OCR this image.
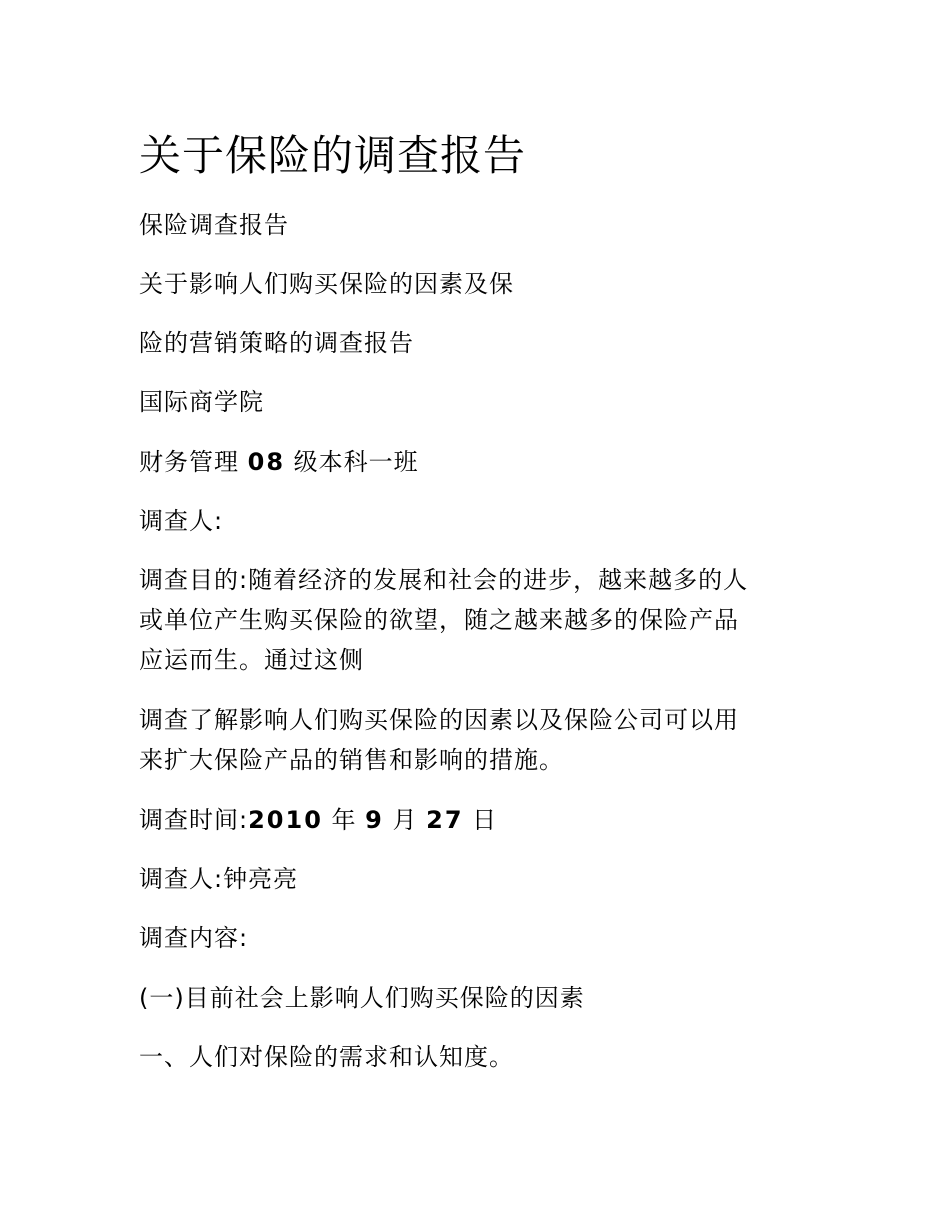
关于保险的调查报告

保险调查报告

关于影响人们购买保险的因素及保

险的营销策略的调查报告

国际商学院

财务管理 08 级本科一班

调查人:

调查目的:随着经济的发展和社会的进步，越来越多的人
或单位产生购买保险的欲望，随之越来越多的保险产品
应运而生。通过这侧
调查了解影响人们购买保险的因素以及保险公司可以用
来扩大保险产品的销售和影响的措施。

调查时间:2010 年 9 月 27 日

调查人:钟亮亮

调查内容:

(一)目前社会上影响人们购买保险的因素

一、人们对保险的需求和认知度。
